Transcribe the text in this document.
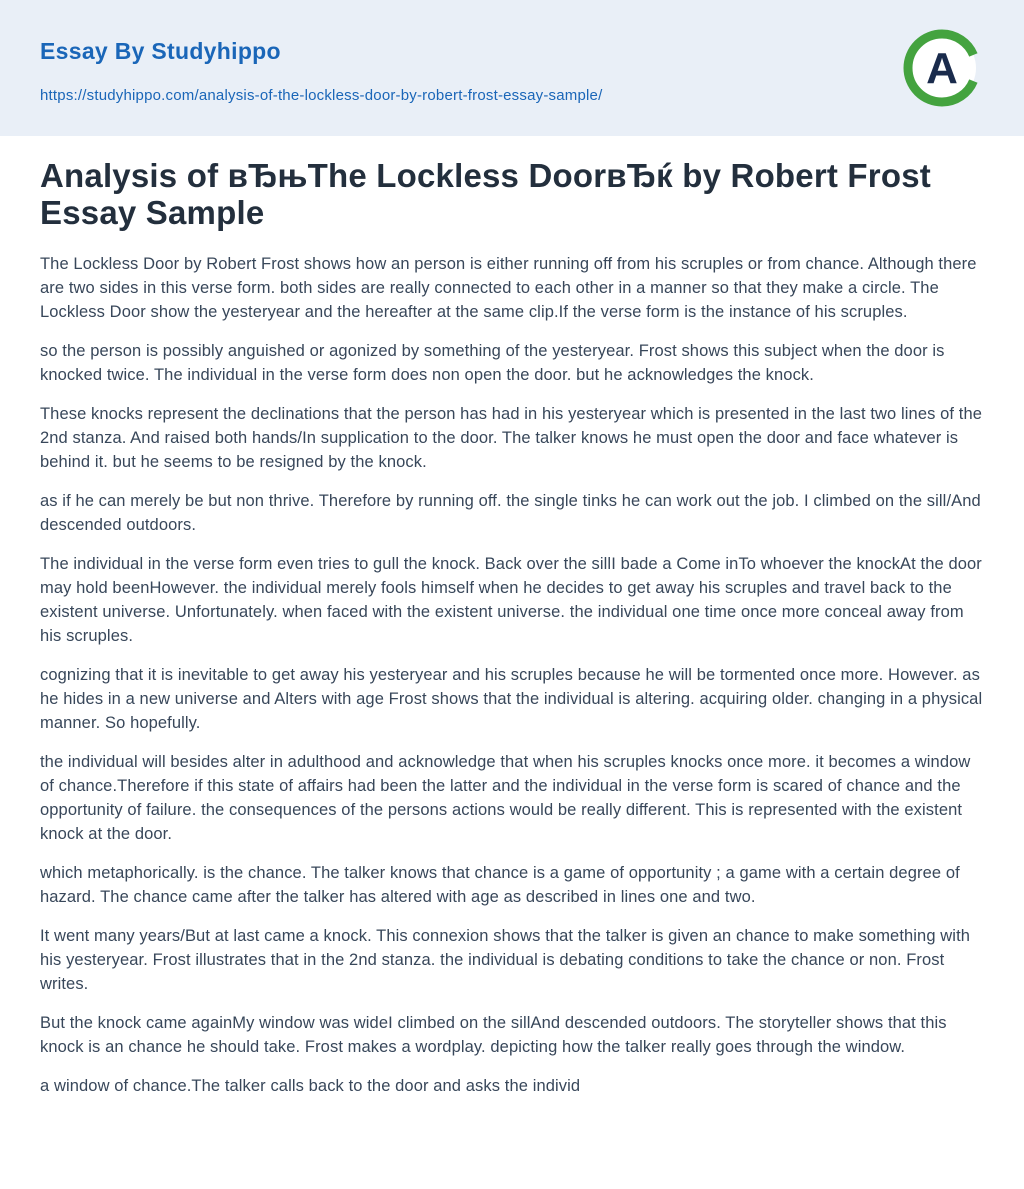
Essay By Studyhippo
https://studyhippo.com/analysis-of-the-lockless-door-by-robert-frost-essay-sample/
A
Analysis of вЂњThe Lockless DoorвЂќ by Robert Frost Essay Sample

The Lockless Door by Robert Frost shows how an person is either running off from his scruples or from chance. Although there are two sides in this verse form. both sides are really connected to each other in a manner so that they make a circle. The Lockless Door show the yesteryear and the hereafter at the same clip.If the verse form is the instance of his scruples.

so the person is possibly anguished or agonized by something of the yesteryear. Frost shows this subject when the door is knocked twice. The individual in the verse form does non open the door. but he acknowledges the knock.

These knocks represent the declinations that the person has had in his yesteryear which is presented in the last two lines of the 2nd stanza. And raised both hands/In supplication to the door. The talker knows he must open the door and face whatever is behind it. but he seems to be resigned by the knock.

as if he can merely be but non thrive. Therefore by running off. the single tinks he can work out the job. I climbed on the sill/And descended outdoors.

The individual in the verse form even tries to gull the knock. Back over the sillI bade a Come inTo whoever the knockAt the door may hold beenHowever. the individual merely fools himself when he decides to get away his scruples and travel back to the existent universe. Unfortunately. when faced with the existent universe. the individual one time once more conceal away from his scruples.

cognizing that it is inevitable to get away his yesteryear and his scruples because he will be tormented once more. However. as he hides in a new universe and Alters with age Frost shows that the individual is altering. acquiring older. changing in a physical manner. So hopefully.

the individual will besides alter in adulthood and acknowledge that when his scruples knocks once more. it becomes a window of chance.Therefore if this state of affairs had been the latter and the individual in the verse form is scared of chance and the opportunity of failure. the consequences of the persons actions would be really different. This is represented with the existent knock at the door.

which metaphorically. is the chance. The talker knows that chance is a game of opportunity ; a game with a certain degree of hazard. The chance came after the talker has altered with age as described in lines one and two.

It went many years/But at last came a knock. This connexion shows that the talker is given an chance to make something with his yesteryear. Frost illustrates that in the 2nd stanza. the individual is debating conditions to take the chance or non. Frost writes.

But the knock came againMy window was wideI climbed on the sillAnd descended outdoors. The storyteller shows that this knock is an chance he should take. Frost makes a wordplay. depicting how the talker really goes through the window.

a window of chance.The talker calls back to the door and asks the individ
